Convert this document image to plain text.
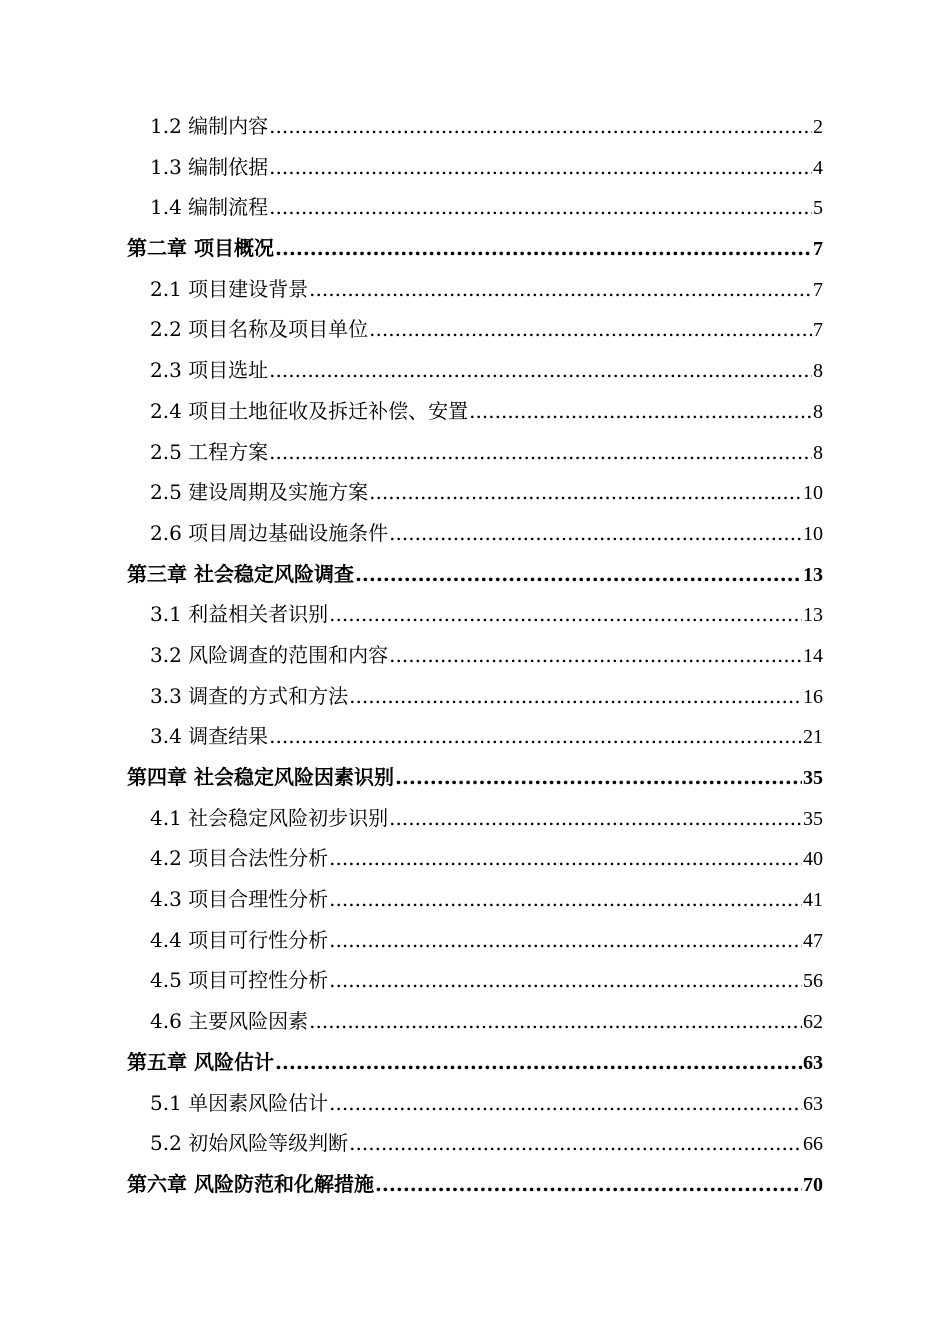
1.2 编制内容 .....	2
1.3 编制依据 .....	4
1.4 编制流程 .....	5
第二章 项目概况 .....	7
2.1 项目建设背景 .....	7
2.2 项目名称及项目单位 .....	7
2.3 项目选址 .....	8
2.4 项目土地征收及拆迁补偿、安置 .....	8
2.5 工程方案 .....	8
2.5 建设周期及实施方案 .....	10
2.6 项目周边基础设施条件 .....	10
第三章 社会稳定风险调查 .....	13
3.1 利益相关者识别 .....	13
3.2 风险调查的范围和内容 .....	14
3.3 调查的方式和方法 .....	16
3.4 调查结果 .....	21
第四章 社会稳定风险因素识别 .....	35
4.1 社会稳定风险初步识别 .....	35
4.2 项目合法性分析 .....	40
4.3 项目合理性分析 .....	41
4.4 项目可行性分析 .....	47
4.5 项目可控性分析 .....	56
4.6 主要风险因素 .....	62
第五章 风险估计 .....	63
5.1 单因素风险估计 .....	63
5.2 初始风险等级判断 .....	66
第六章 风险防范和化解措施 .....	70
